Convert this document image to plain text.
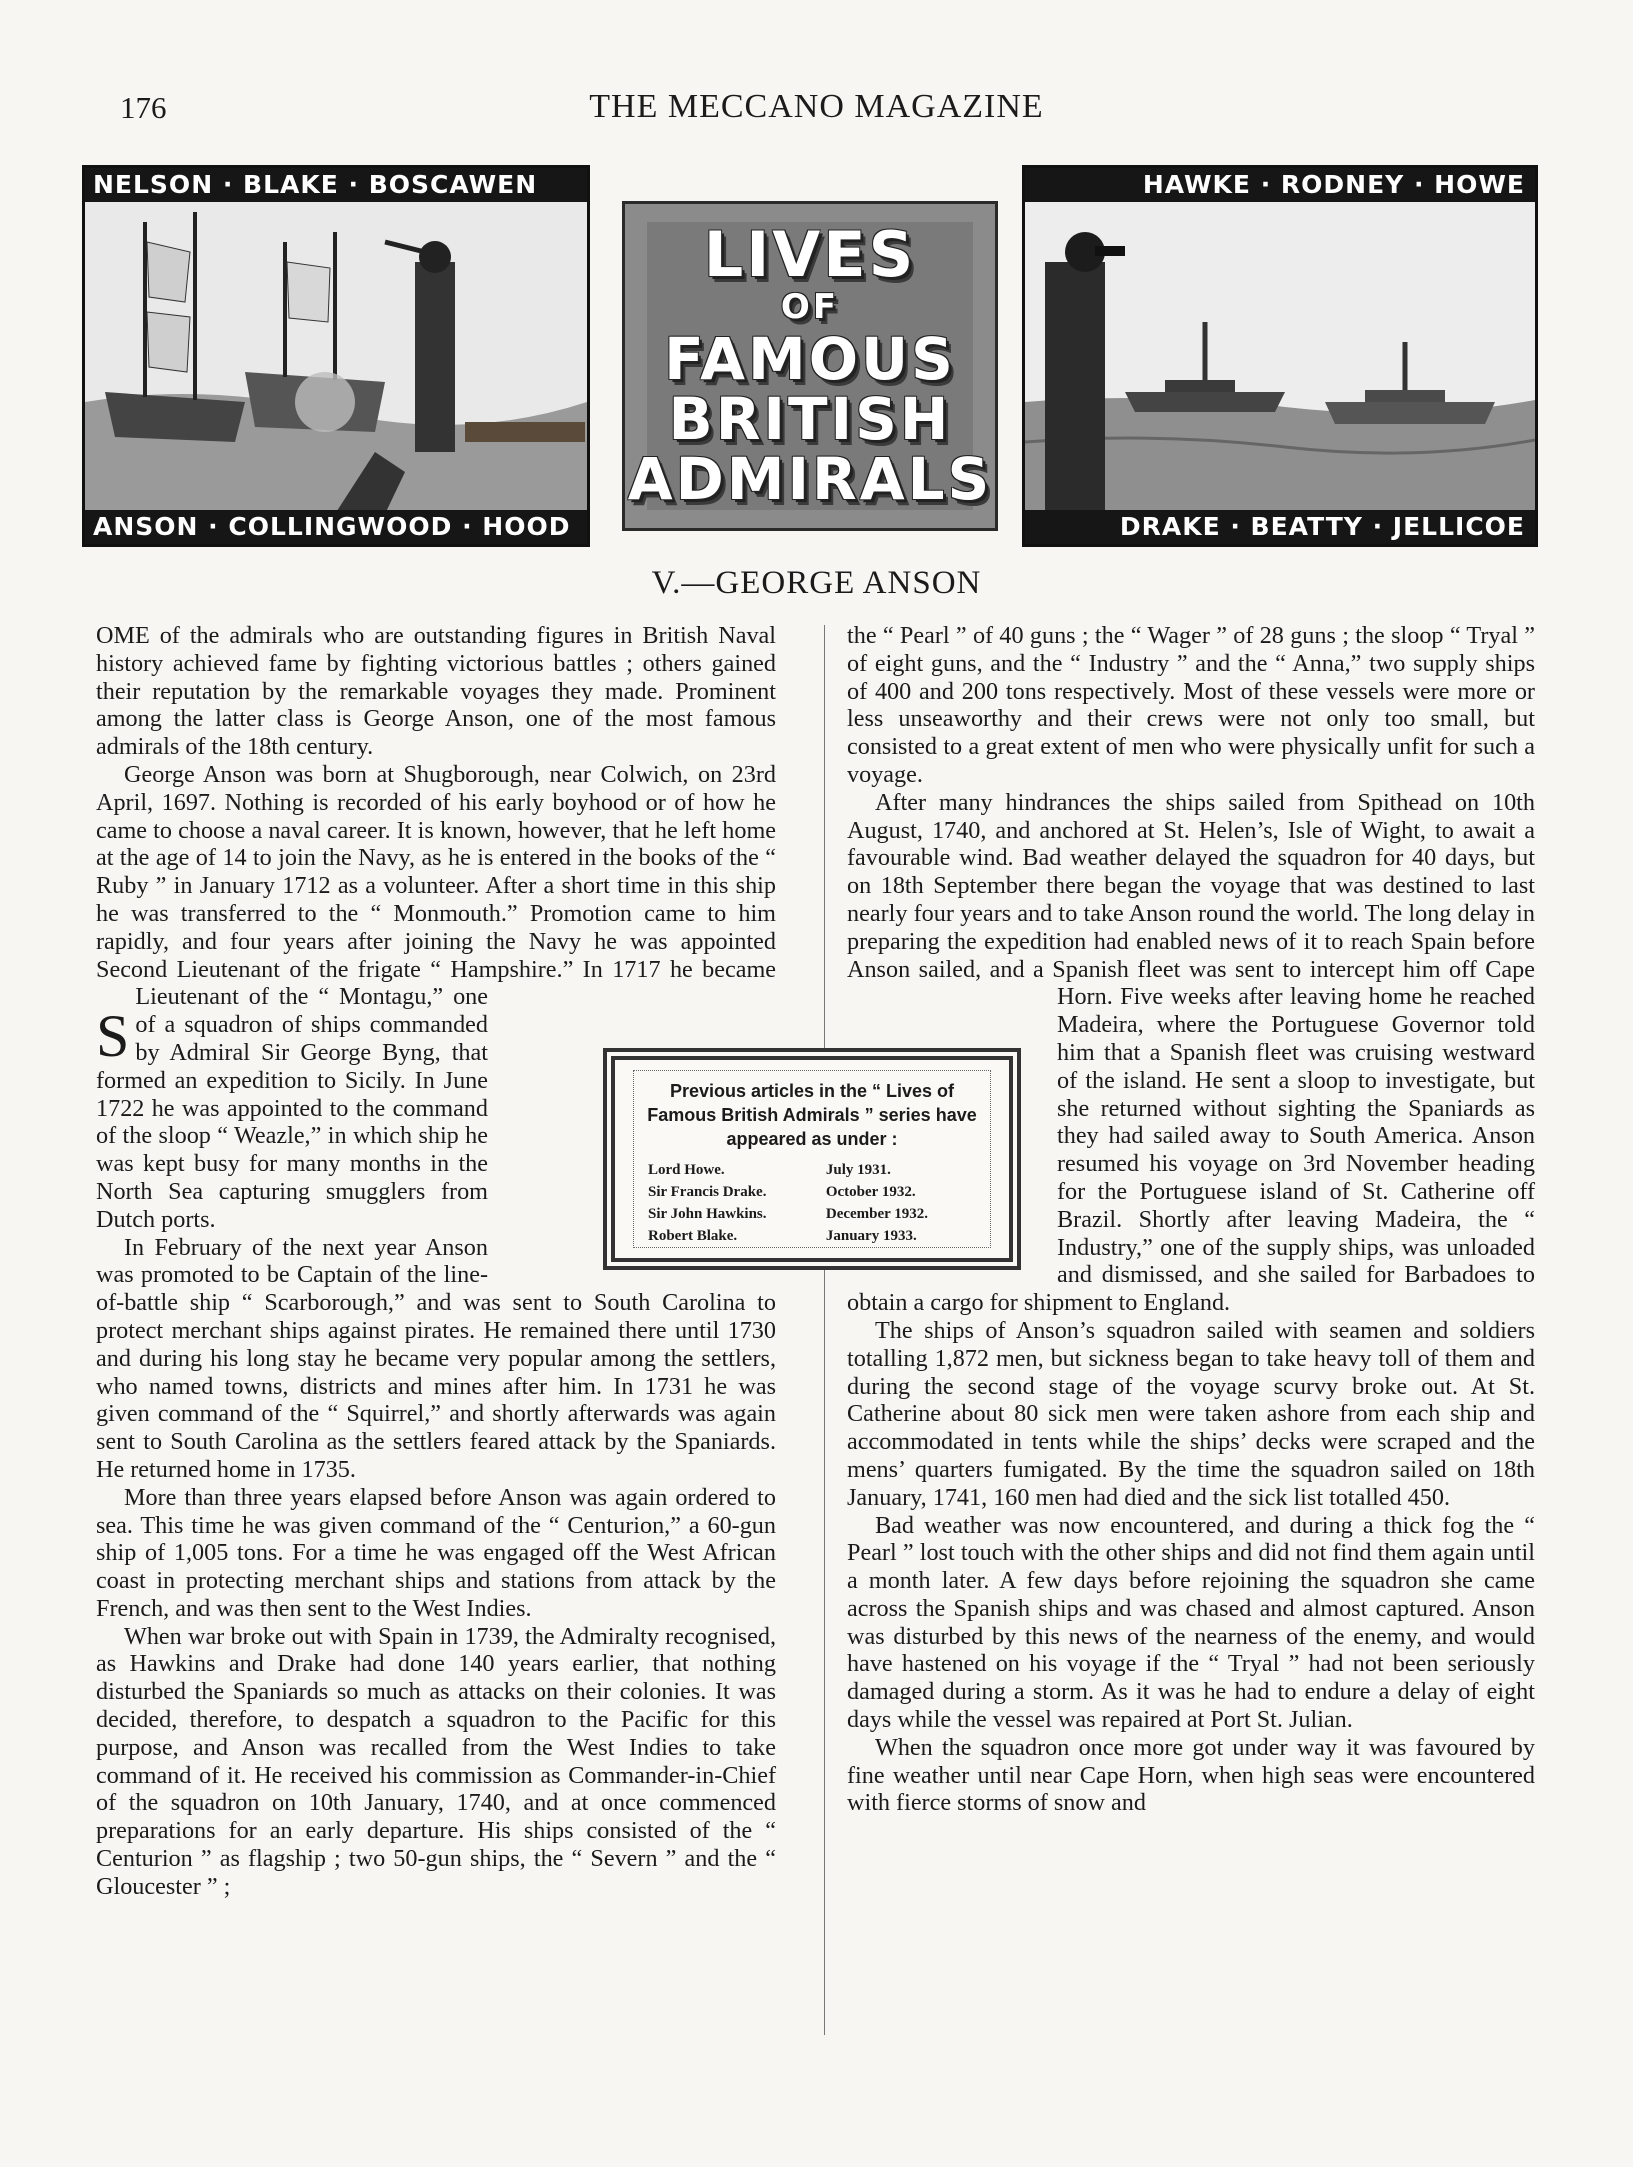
176	THE MECCANO MAGAZINE
NELSON · BLAKE · BOSCAWEN
ANSON · COLLINGWOOD · HOOD
LIVES
OF
FAMOUS
BRITISH
ADMIRALS
HAWKE · RODNEY · HOWE
DRAKE · BEATTY · JELLICOE
V.—GEORGE ANSON

S
OME of the admirals who are outstanding figures in British Naval history achieved fame by fighting victorious battles ; others gained their reputation by the remarkable voyages they made. Prominent among the latter class is George Anson, one of the most famous admirals of the 18th century.

George Anson was born at Shugborough, near Colwich, on 23rd April, 1697. Nothing is recorded of his early boyhood or of how he came to choose a naval career. It is known, however, that he left home at the age of 14 to join the Navy, as he is entered in the books of the “ Ruby ” in January 1712 as a volunteer. After a short time in this ship he was transferred to the “ Monmouth.” Promotion came to him rapidly, and four years after joining the Navy he was appointed Second Lieutenant of the frigate “ Hampshire.” In 1717 he became Lieutenant of the “ Montagu,” one of a squadron of ships commanded by Admiral Sir George Byng, that formed an expedition to Sicily. In June 1722 he was appointed to the command of the sloop “ Weazle,” in which ship he was kept busy for many months in the North Sea capturing smugglers from Dutch ports.

In February of the next year Anson was promoted to be Captain of the line-of-battle ship “ Scarborough,” and was sent to South Carolina to protect merchant ships against pirates. He remained there until 1730 and during his long stay he became very popular among the settlers, who named towns, districts and mines after him. In 1731 he was given command of the “ Squirrel,” and shortly afterwards was again sent to South Carolina as the settlers feared attack by the Spaniards. He returned home in 1735.

More than three years elapsed before Anson was again ordered to sea. This time he was given command of the “ Centurion,” a 60-gun ship of 1,005 tons. For a time he was engaged off the West African coast in protecting merchant ships and stations from attack by the French, and was then sent to the West Indies.

When war broke out with Spain in 1739, the Admiralty recognised, as Hawkins and Drake had done 140 years earlier, that nothing disturbed the Spaniards so much as attacks on their colonies. It was decided, therefore, to despatch a squadron to the Pacific for this purpose, and Anson was recalled from the West Indies to take command of it. He received his commission as Commander-in-Chief of the squadron on 10th January, 1740, and at once commenced preparations for an early departure. His ships consisted of the “ Centurion ” as flagship ; two 50-gun ships, the “ Severn ” and the “ Gloucester ” ;

the “ Pearl ” of 40 guns ; the “ Wager ” of 28 guns ; the sloop “ Tryal ” of eight guns, and the “ Industry ” and the “ Anna,” two supply ships of 400 and 200 tons respectively. Most of these vessels were more or less unseaworthy and their crews were not only too small, but consisted to a great extent of men who were physically unfit for such a voyage.

After many hindrances the ships sailed from Spithead on 10th August, 1740, and anchored at St. Helen’s, Isle of Wight, to await a favourable wind. Bad weather delayed the squadron for 40 days, but on 18th September there began the voyage that was destined to last nearly four years and to take Anson round the world. The long delay in preparing the expedition had enabled news of it to reach Spain before Anson sailed, and a Spanish fleet was sent to intercept him off Cape Horn. Five weeks after leaving home he reached Madeira, where the Portuguese Governor told him that a Spanish fleet was cruising westward of the island. He sent a sloop to investigate, but she returned without sighting the Spaniards as they had sailed away to South America. Anson resumed his voyage on 3rd November heading for the Portuguese island of St. Catherine off Brazil. Shortly after leaving Madeira, the “ Industry,” one of the supply ships, was unloaded and dismissed, and she sailed for Barbadoes to obtain a cargo for shipment to England.

The ships of Anson’s squadron sailed with seamen and soldiers totalling 1,872 men, but sickness began to take heavy toll of them and during the second stage of the voyage scurvy broke out. At St. Catherine about 80 sick men were taken ashore from each ship and accommodated in tents while the ships’ decks were scraped and the mens’ quarters fumigated. By the time the squadron sailed on 18th January, 1741, 160 men had died and the sick list totalled 450.

Bad weather was now encountered, and during a thick fog the “ Pearl ” lost touch with the other ships and did not find them again until a month later. A few days before rejoining the squadron she came across the Spanish ships and was chased and almost captured. Anson was disturbed by this news of the nearness of the enemy, and would have hastened on his voyage if the “ Tryal ” had not been seriously damaged during a storm. As it was he had to endure a delay of eight days while the vessel was repaired at Port St. Julian.

When the squadron once more got under way it was favoured by fine weather until near Cape Horn, when high seas were encountered with fierce storms of snow and

Previous articles in the “ Lives of Famous British Admirals ” series have appeared as under :
Lord Howe.	July 1931.
Sir Francis Drake.	October 1932.
Sir John Hawkins.	December 1932.
Robert Blake.	January 1933.
